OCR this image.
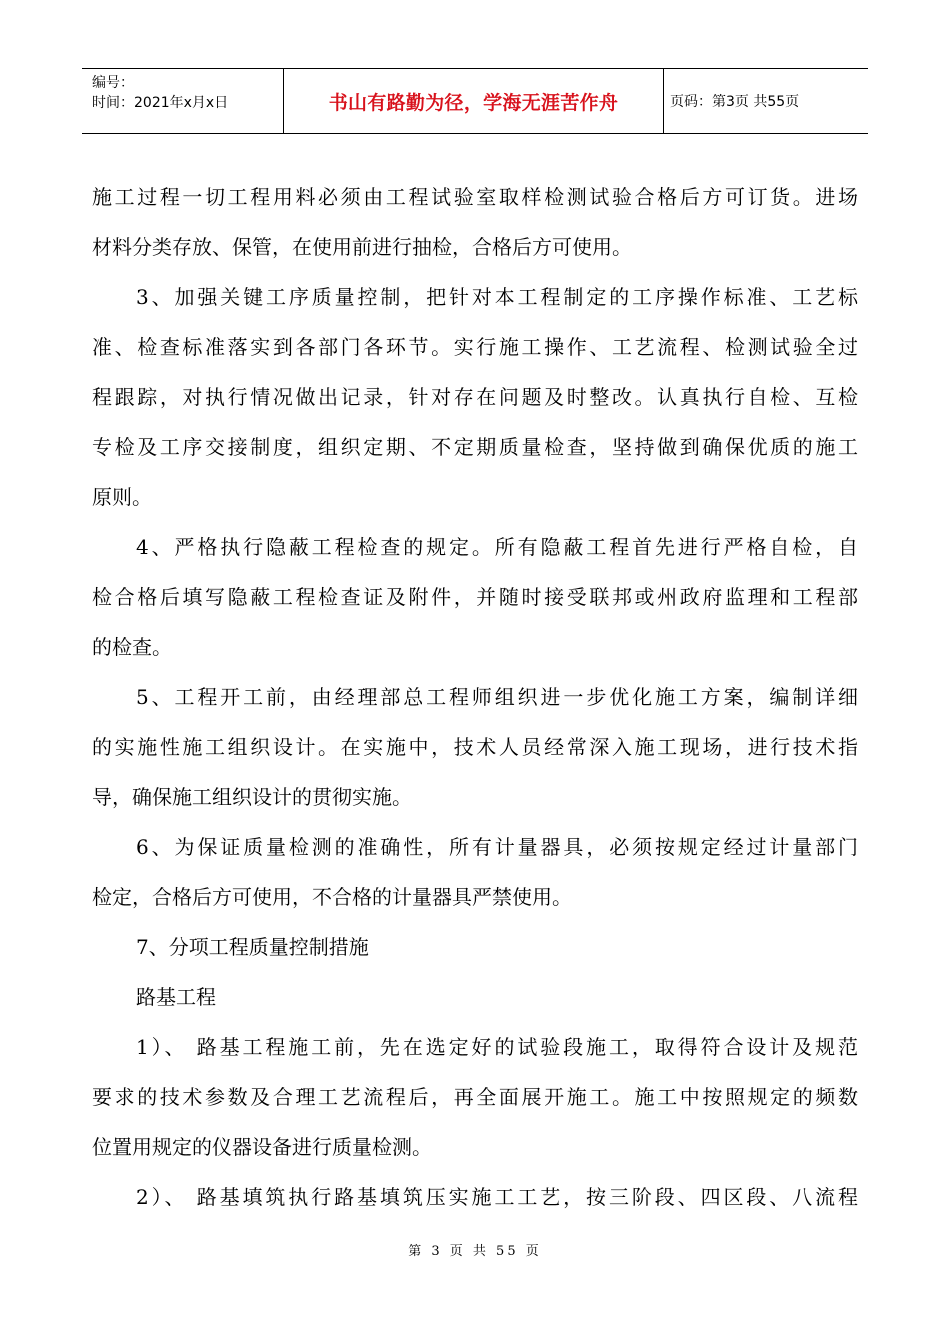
编号：
时间：2021年x月x日	书山有路勤为径，学海无涯苦作舟	页码：第3页 共55页
施工过程一切工程用料必须由工程试验室取样检测试验合格后方可订货。进场
材料分类存放、保管，在使用前进行抽检，合格后方可使用。
3、加强关键工序质量控制，把针对本工程制定的工序操作标准、工艺标
准、检查标准落实到各部门各环节。实行施工操作、工艺流程、检测试验全过
程跟踪，对执行情况做出记录，针对存在问题及时整改。认真执行自检、互检
专检及工序交接制度，组织定期、不定期质量检查，坚持做到确保优质的施工
原则。
4、严格执行隐蔽工程检查的规定。所有隐蔽工程首先进行严格自检，自
检合格后填写隐蔽工程检查证及附件，并随时接受联邦或州政府监理和工程部
的检查。
5、工程开工前，由经理部总工程师组织进一步优化施工方案，编制详细
的实施性施工组织设计。在实施中，技术人员经常深入施工现场，进行技术指
导，确保施工组织设计的贯彻实施。
6、为保证质量检测的准确性，所有计量器具，必须按规定经过计量部门
检定，合格后方可使用，不合格的计量器具严禁使用。
7、分项工程质量控制措施
路基工程
1）、 路基工程施工前，先在选定好的试验段施工，取得符合设计及规范
要求的技术参数及合理工艺流程后，再全面展开施工。施工中按照规定的频数
位置用规定的仪器设备进行质量检测。
2）、 路基填筑执行路基填筑压实施工工艺，按三阶段、四区段、八流程
第 3 页 共 55 页
